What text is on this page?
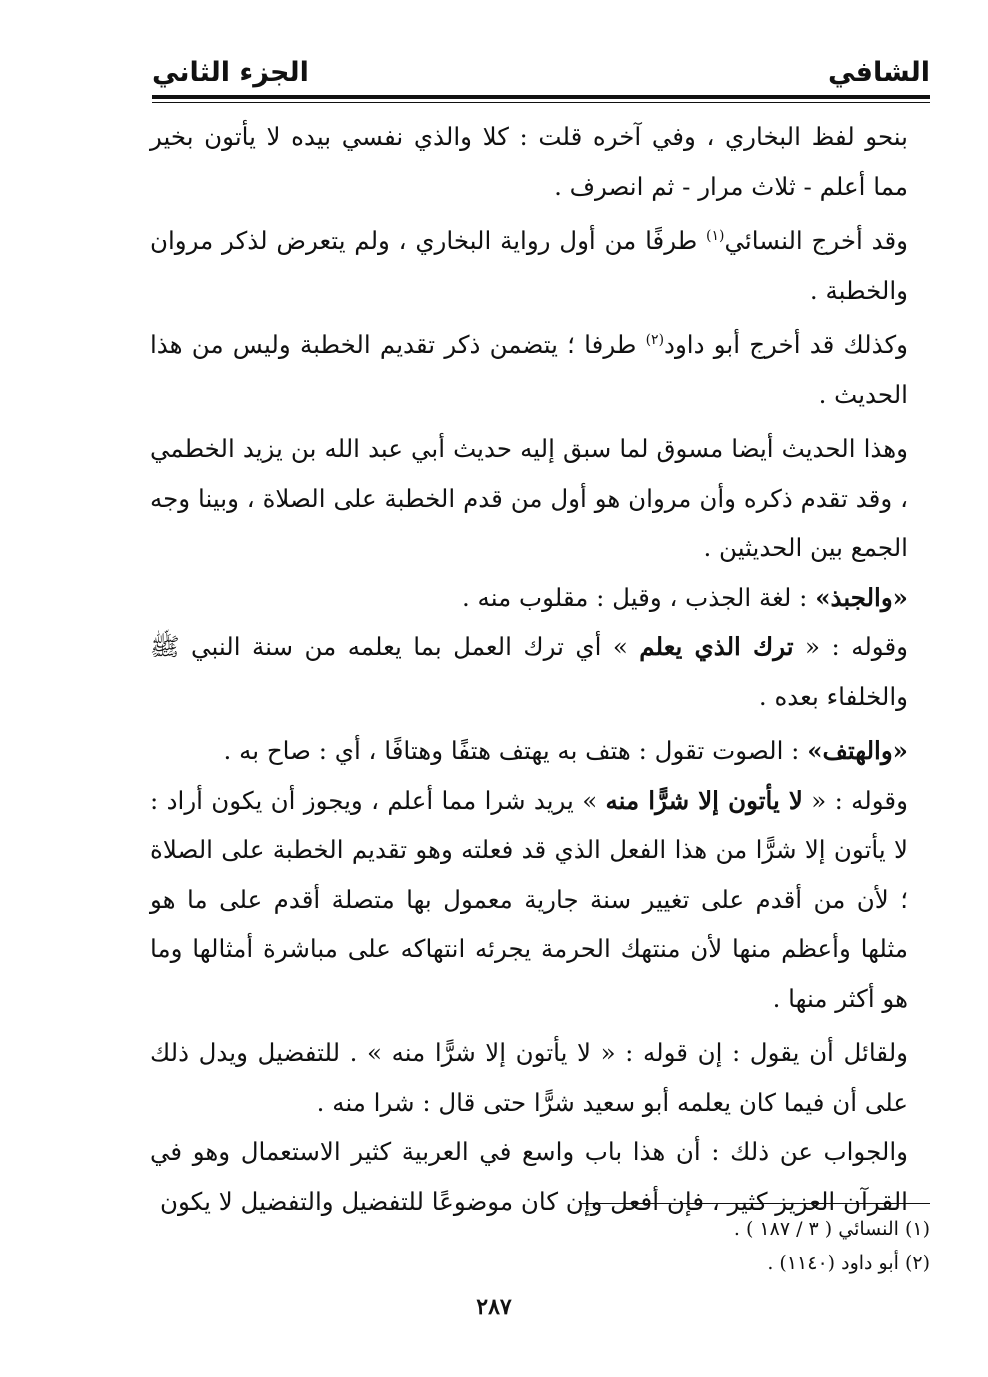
الشافي
الجزء الثاني

بنحو لفظ البخاري ، وفي آخره قلت : كلا والذي نفسي بيده لا يأتون بخير مما أعلم - ثلاث مرار - ثم انصرف .

وقد أخرج النسائي$^{(١)}$ طرفًا من أول رواية البخاري ، ولم يتعرض لذكر مروان والخطبة .

وكذلك قد أخرج أبو داود$^{(٢)}$ طرفا ؛ يتضمن ذكر تقديم الخطبة وليس من هذا الحديث .

وهذا الحديث أيضا مسوق لما سبق إليه حديث أبي عبد الله بن يزيد الخطمي ، وقد تقدم ذكره وأن مروان هو أول من قدم الخطبة على الصلاة ، وبينا وجه الجمع بين الحديثين .

«والجبذ» : لغة الجذب ، وقيل : مقلوب منه .

وقوله : « ترك الذي يعلم » أي ترك العمل بما يعلمه من سنة النبي ﷺ والخلفاء بعده .

«والهتف» : الصوت تقول : هتف به يهتف هتفًا وهتافًا ، أي : صاح به .

وقوله : « لا يأتون إلا شرًّا منه » يريد شرا مما أعلم ، ويجوز أن يكون أراد : لا يأتون إلا شرًّا من هذا الفعل الذي قد فعلته وهو تقديم الخطبة على الصلاة ؛ لأن من أقدم على تغيير سنة جارية معمول بها متصلة أقدم على ما هو مثلها وأعظم منها لأن منتهك الحرمة يجرئه انتهاكه على مباشرة أمثالها وما هو أكثر منها .

ولقائل أن يقول : إن قوله : « لا يأتون إلا شرًّا منه » . للتفضيل ويدل ذلك على أن فيما كان يعلمه أبو سعيد شرًّا حتى قال : شرا منه .

والجواب عن ذلك : أن هذا باب واسع في العربية كثير الاستعمال وهو في القرآن العزيز كثير ، فإن أفعل وإن كان موضوعًا للتفضيل والتفضيل لا يكون

(١) النسائي ( ٣ / ١٨٧ ) .
(٢) أبو داود (١١٤٠) .
٢٨٧
